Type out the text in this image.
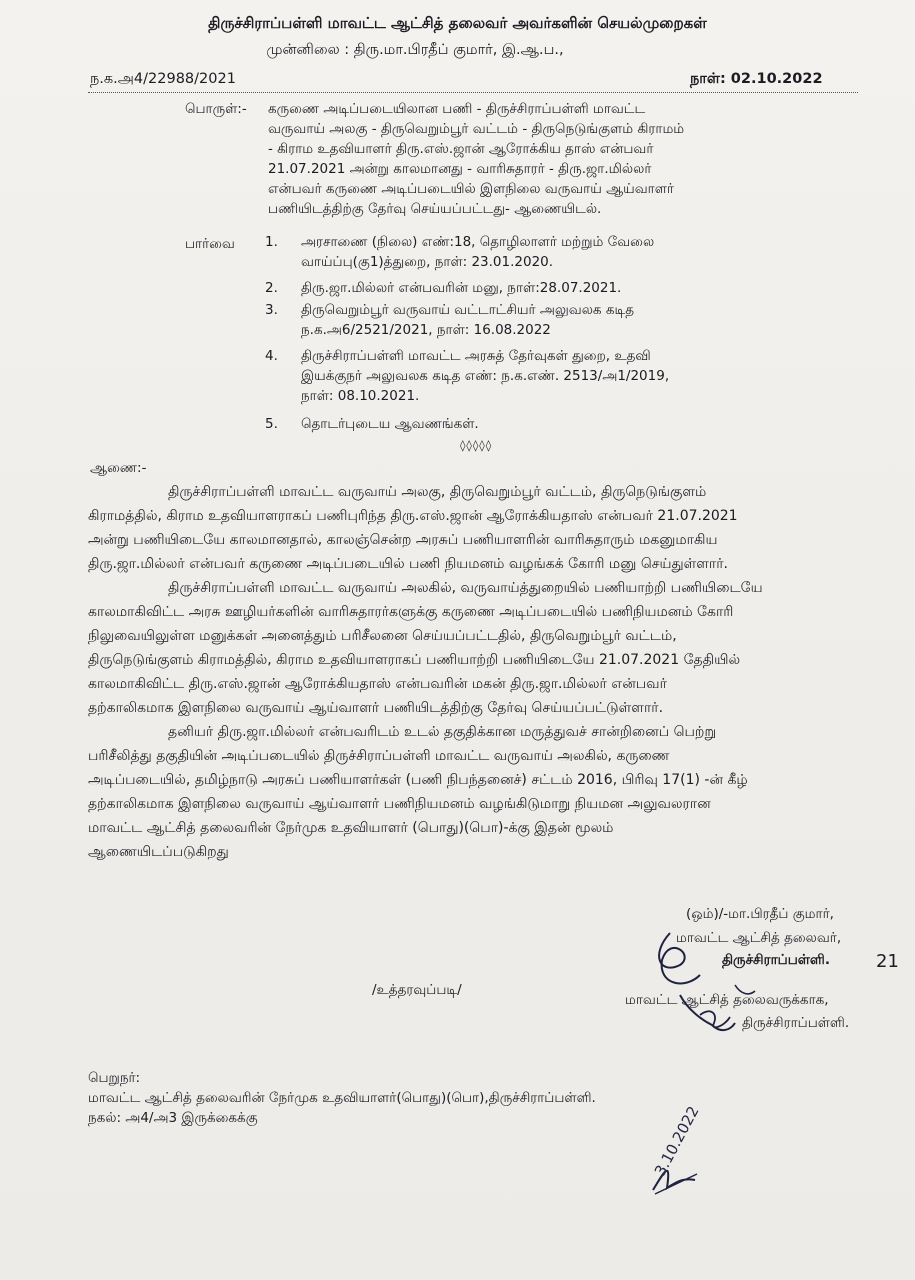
திருச்சிராப்பள்ளி மாவட்ட ஆட்சித் தலைவர் அவர்களின் செயல்முறைகள்
முன்னிலை : திரு.மா.பிரதீப் குமார், இ.ஆ.ப.,
ந.க.அ4/22988/2021	நாள்: 02.10.2022
பொருள்:- கருணை அடிப்படையிலான பணி - திருச்சிராப்பள்ளி மாவட்ட
வருவாய் அலகு - திருவெறும்பூர் வட்டம் - திருநெடுங்குளம் கிராமம்
- கிராம உதவியாளர் திரு.எஸ்.ஜான் ஆரோக்கிய தாஸ் என்பவர்
21.07.2021 அன்று காலமானது - வாரிசுதாரர் - திரு.ஜா.மில்லர்
என்பவர் கருணை அடிப்படையில் இளநிலை வருவாய் ஆய்வாளர்
பணியிடத்திற்கு தேர்வு செய்யப்பட்டது- ஆணையிடல்.
பார்வை 1.	அரசாணை (நிலை) எண்:18, தொழிலாளர் மற்றும் வேலை
வாய்ப்பு(கு1)த்துறை, நாள்: 23.01.2020.
2.	திரு.ஜா.மில்லர் என்பவரின் மனு, நாள்:28.07.2021.
3.	திருவெறும்பூர் வருவாய் வட்டாட்சியர் அலுவலக கடித
ந.க.அ6/2521/2021, நாள்: 16.08.2022
4.	திருச்சிராப்பள்ளி மாவட்ட அரசுத் தேர்வுகள் துறை, உதவி
இயக்குநர் அலுவலக கடித எண்: ந.க.எண். 2513/அ1/2019,
நாள்: 08.10.2021.
5.	தொடர்புடைய ஆவணங்கள்.
◊◊◊◊◊
ஆணை:-
திருச்சிராப்பள்ளி மாவட்ட வருவாய் அலகு, திருவெறும்பூர் வட்டம், திருநெடுங்குளம்
கிராமத்தில், கிராம உதவியாளராகப் பணிபுரிந்த திரு.எஸ்.ஜான் ஆரோக்கியதாஸ் என்பவர் 21.07.2021
அன்று பணியிடையே காலமானதால், காலஞ்சென்ற அரசுப் பணியாளரின் வாரிசுதாரும் மகனுமாகிய
திரு.ஜா.மில்லர் என்பவர் கருணை அடிப்படையில் பணி நியமனம் வழங்கக் கோரி மனு செய்துள்ளார்.
திருச்சிராப்பள்ளி மாவட்ட வருவாய் அலகில், வருவாய்த்துறையில் பணியாற்றி பணியிடையே
காலமாகிவிட்ட அரசு ஊழியர்களின் வாரிசுதாரர்களுக்கு கருணை அடிப்படையில் பணிநியமனம் கோரி
நிலுவையிலுள்ள மனுக்கள் அனைத்தும் பரிசீலனை செய்யப்பட்டதில், திருவெறும்பூர் வட்டம்,
திருநெடுங்குளம் கிராமத்தில், கிராம உதவியாளராகப் பணியாற்றி பணியிடையே 21.07.2021 தேதியில்
காலமாகிவிட்ட திரு.எஸ்.ஜான் ஆரோக்கியதாஸ் என்பவரின் மகன் திரு.ஜா.மில்லர் என்பவர்
தற்காலிகமாக இளநிலை வருவாய் ஆய்வாளர் பணியிடத்திற்கு தேர்வு செய்யப்பட்டுள்ளார்.
தனியர் திரு.ஜா.மில்லர் என்பவரிடம் உடல் தகுதிக்கான மருத்துவச் சான்றினைப் பெற்று
பரிசீலித்து தகுதியின் அடிப்படையில் திருச்சிராப்பள்ளி மாவட்ட வருவாய் அலகில், கருணை
அடிப்படையில், தமிழ்நாடு அரசுப் பணியாளர்கள் (பணி நிபந்தனைச்) சட்டம் 2016, பிரிவு 17(1) -ன் கீழ்
தற்காலிகமாக இளநிலை வருவாய் ஆய்வாளர் பணிநியமனம் வழங்கிடுமாறு நியமன அலுவலரான
மாவட்ட ஆட்சித் தலைவரின் நேர்முக உதவியாளர் (பொது)(பொ)-க்கு இதன் மூலம்
ஆணையிடப்படுகிறது
(ஒம்)/-மா.பிரதீப் குமார்,
மாவட்ட ஆட்சித் தலைவர்,
திருச்சிராப்பள்ளி.	21
/உத்தரவுப்படி/
மாவட்ட ஆட்சித் தலைவருக்காக,
திருச்சிராப்பள்ளி.
பெறுநர்:
மாவட்ட ஆட்சித் தலைவரின் நேர்முக உதவியாளர்(பொது)(பொ),திருச்சிராப்பள்ளி.
நகல்: அ4/அ3 இருக்கைக்கு	3.10.2022
